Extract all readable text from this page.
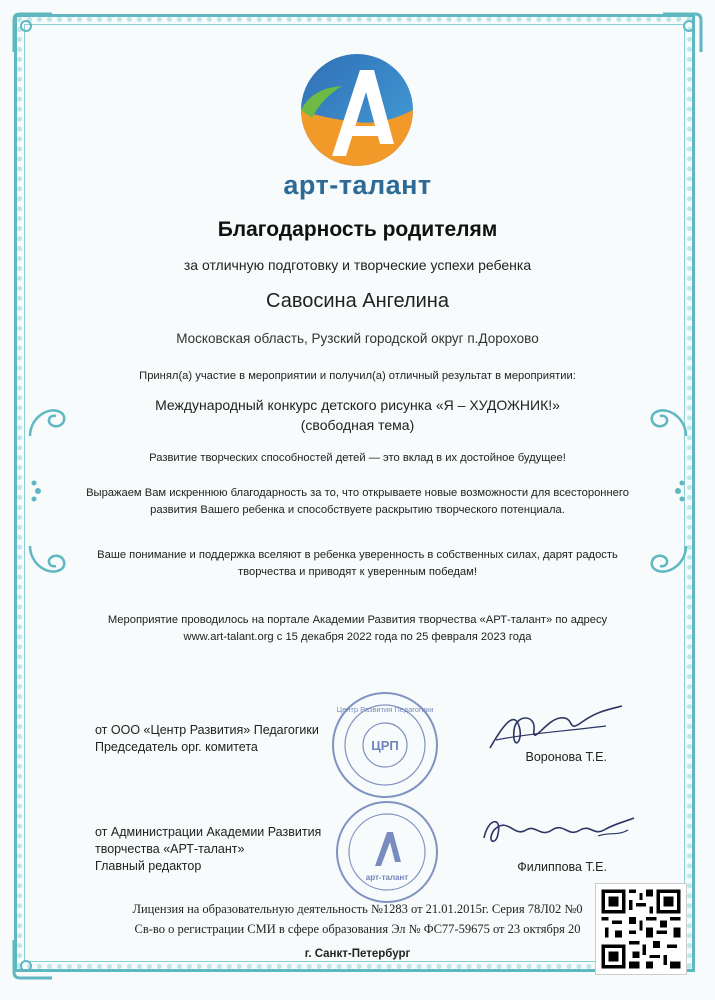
арт-талант
Благодарность родителям
за отличную подготовку и творческие успехи ребенка
Савосина Ангелина
Московская область, Рузский городской округ п.Дорохово
Принял(а) участие в мероприятии и получил(а) отличный результат в мероприятии:
Международный конкурс детского рисунка «Я – ХУДОЖНИК!»
(свободная тема)
Развитие творческих способностей детей — это вклад в их достойное будущее!
Выражаем Вам искреннюю благодарность за то, что открываете новые возможности для всестороннего развития Вашего ребенка и способствуете раскрытию творческого потенциала.
Ваше понимание и поддержка вселяют в ребенка уверенность в собственных силах, дарят радость творчества и приводят к уверенным победам!
Мероприятие проводилось на портале Академии Развития творчества «АРТ-талант» по адресу www.art-talant.org с 15 декабря 2022 года по 25 февраля 2023 года
от ООО «Центр Развития» Педагогики
Председатель орг. комитета
Воронова Т.Е.
ЦРП
Центр Развития Педагогики
от Администрации Академии Развития
творчества «АРТ-талант»
Главный редактор	Филиппова Т.Е.
арт-талант
Лицензия на образовательную деятельность №1283 от 21.01.2015г. Серия 78Л02 №0
Св-во о регистрации СМИ в сфере образования Эл № ФС77-59675 от 23 октября 20
г. Санкт-Петербург
